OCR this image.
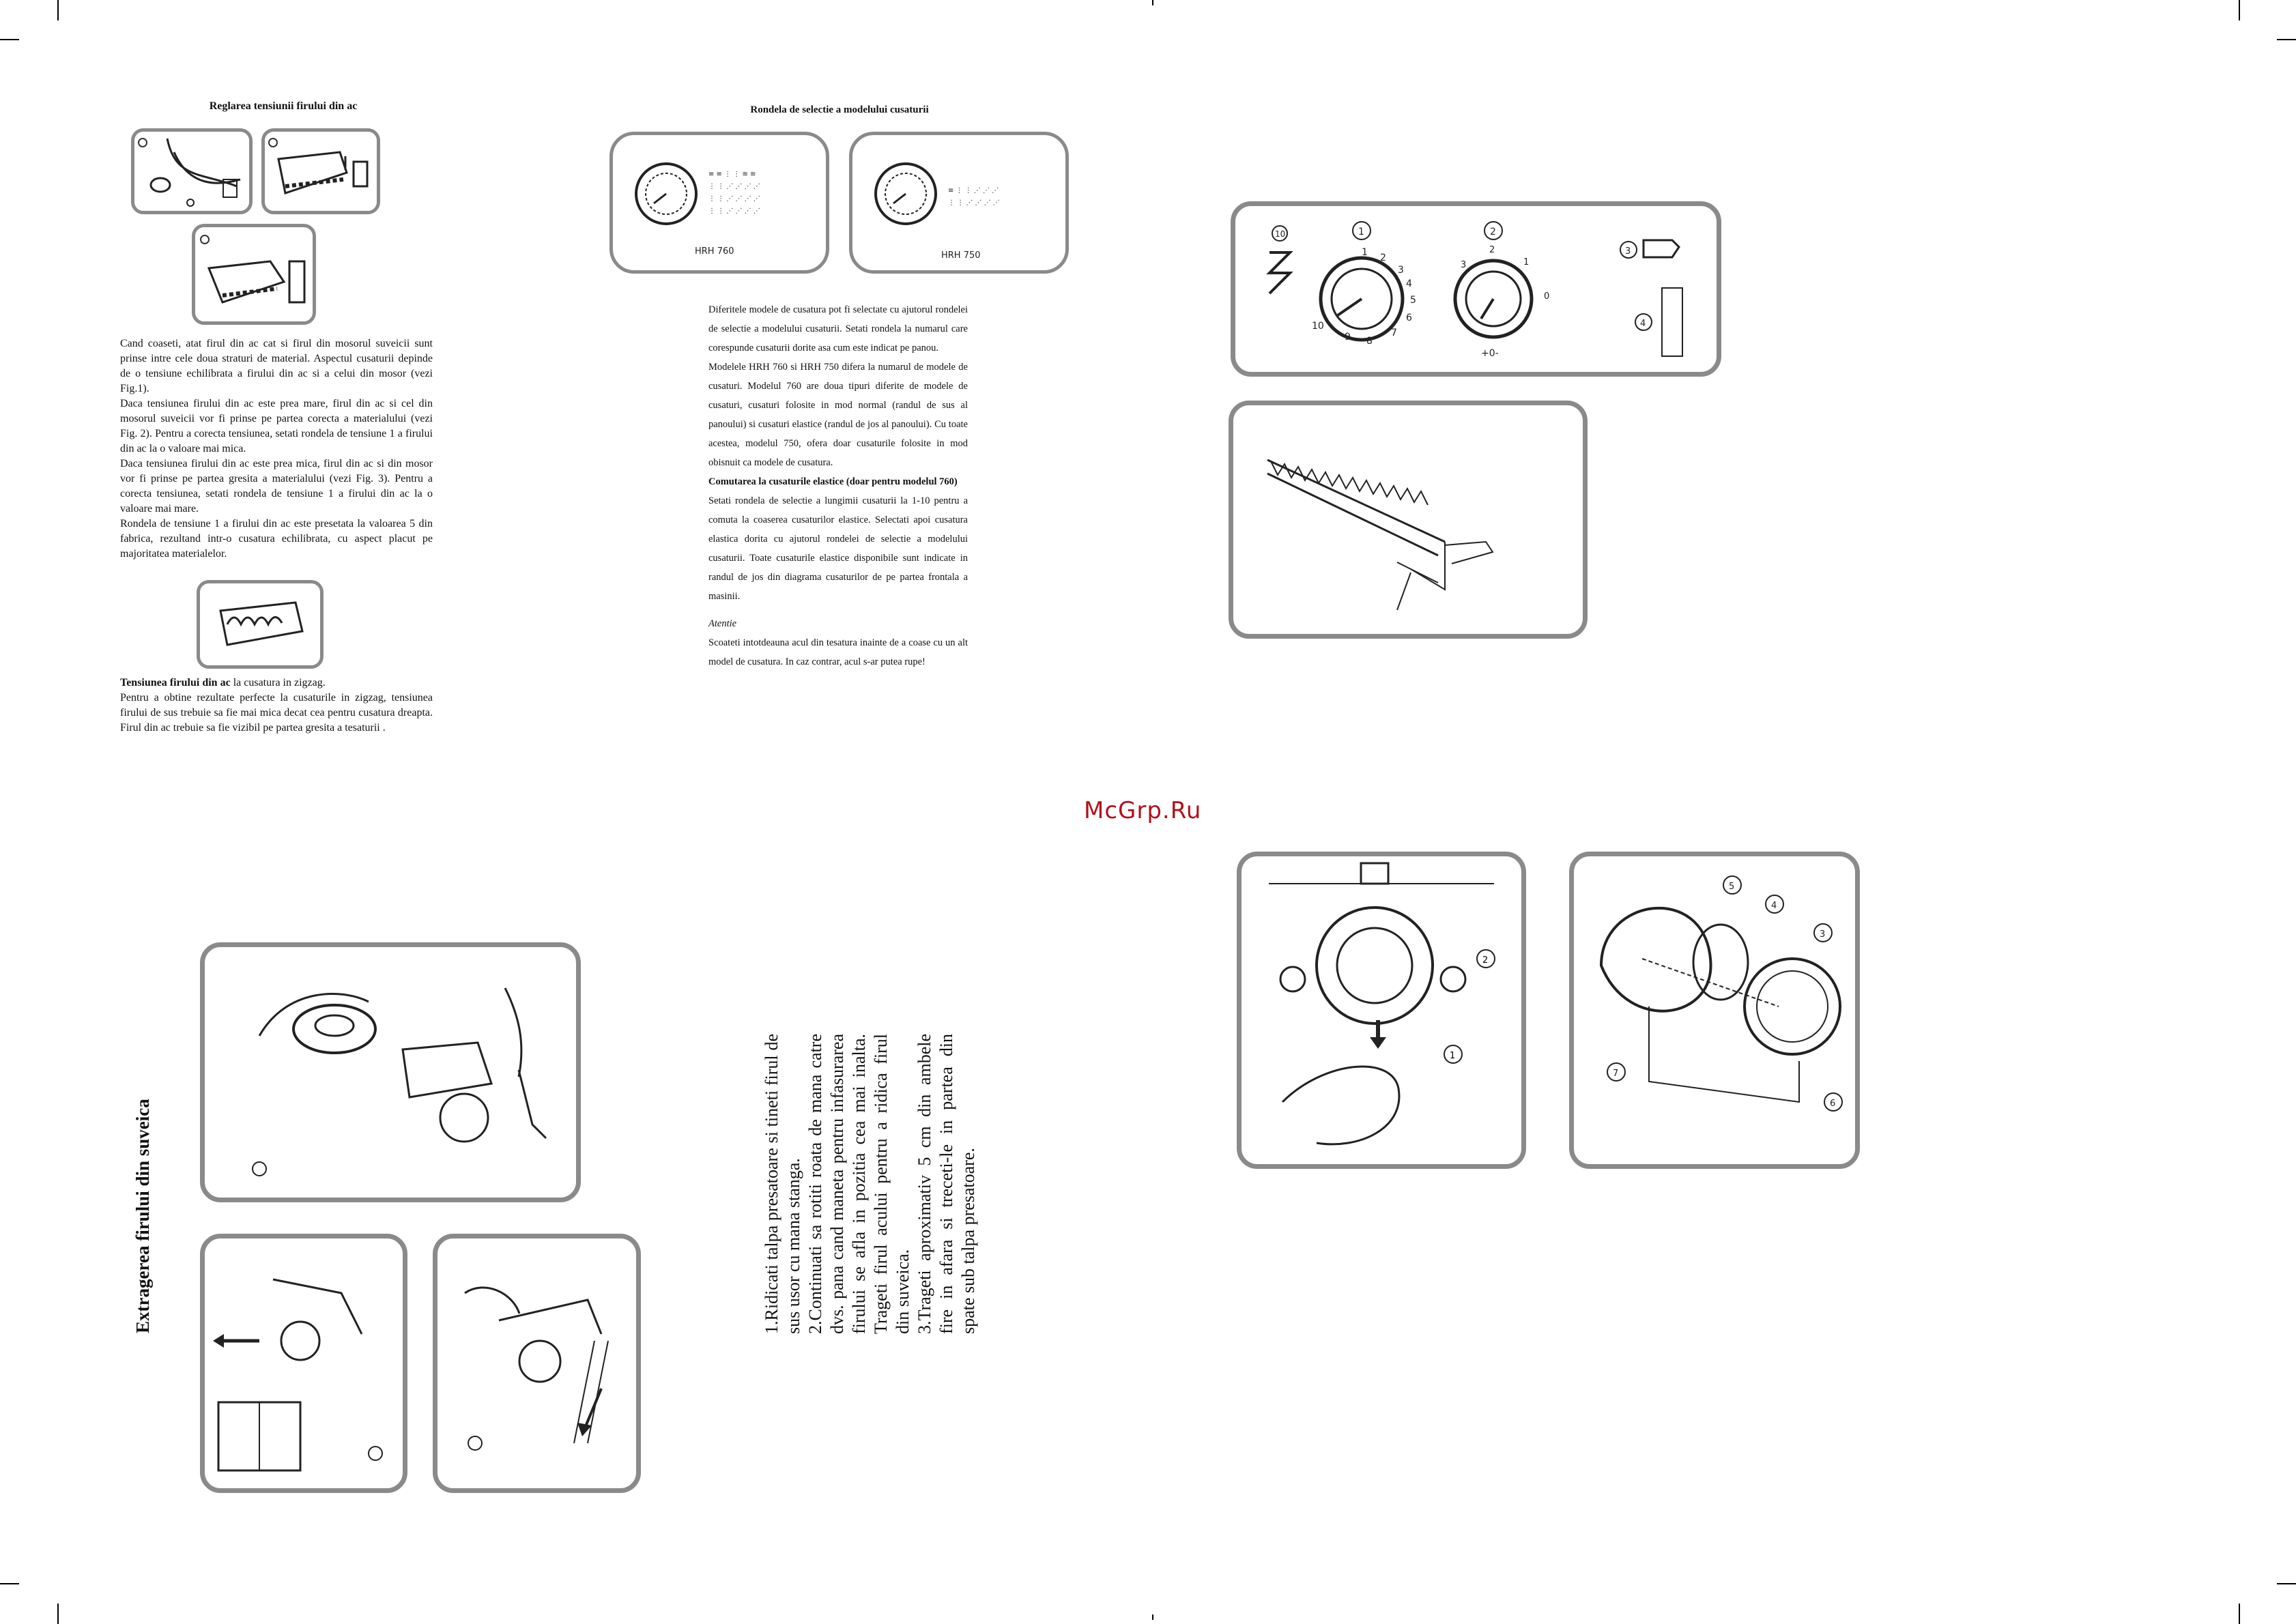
Reglarea tensiunii firului din ac

Cand coaseti, atat firul din ac cat si firul din mosorul suveicii sunt prinse intre cele doua straturi de material. Aspectul cusaturii depinde de o tensiune echilibrata a firului din ac si a celui din mosor (vezi Fig.1).

Daca tensiunea firului din ac este prea mare, firul din ac si cel din mosorul suveicii vor fi prinse pe partea corecta a materialului (vezi Fig. 2). Pentru a corecta tensiunea, setati rondela de tensiune 1 a firului din ac la o valoare mai mica.

Daca tensiunea firului din ac este prea mica, firul din ac si din mosor vor fi prinse pe partea gresita a materialului (vezi Fig. 3). Pentru a corecta tensiunea, setati rondela de tensiune 1 a firului din ac la o valoare mai mare.

Rondela de tensiune 1 a firului din ac este presetata la valoarea 5 din fabrica, rezultand intr-o cusatura echilibrata, cu aspect placut pe majoritatea materialelor.

Tensiunea firului din ac la cusatura in zigzag.

Pentru a obtine rezultate perfecte la cusaturile in zigzag, tensiunea firului de sus trebuie sa fie mai mica decat cea pentru cusatura dreapta. Firul din ac trebuie sa fie vizibil pe partea gresita a tesaturii .

Rondela de selectie a modelului cusaturii
≡ ≡ ⋮ ⋮ ≋ ≋
⋮ ⋮ ⋰ ⋰ ⋰ ⋰
⋮ ⋮ ⋰ ⋰ ⋰ ⋰
⋮ ⋮ ⋰ ⋰ ⋰ ⋰
HRH 760
≡ ⋮ ⋮ ⋰ ⋰ ⋰
⋮ ⋮ ⋰ ⋰ ⋰ ⋰
HRH 750

Diferitele modele de cusatura pot fi selectate cu ajutorul rondelei de selectie a modelului cusaturii. Setati rondela la numarul care corespunde cusaturii dorite asa cum este indicat pe panou.

Modelele HRH 760 si HRH 750 difera la numarul de modele de cusaturi. Modelul 760 are doua tipuri diferite de modele de cusaturi, cusaturi folosite in mod normal (randul de sus al panoului) si cusaturi elastice (randul de jos al panoului). Cu toate acestea, modelul 750, ofera doar cusaturile folosite in mod obisnuit ca modele de cusatura.

Comutarea la cusaturile elastice (doar pentru modelul 760)

Setati rondela de selectie a lungimii cusaturii la 1-10 pentru a comuta la coaserea cusaturilor elastice. Selectati apoi cusatura elastica dorita cu ajutorul rondelei de selectie a modelului cusaturii. Toate cusaturile elastice disponibile sunt indicate in randul de jos din diagrama cusaturilor de pe partea frontala a masinii.

Atentie

Scoateti intotdeauna acul din tesatura inainte de a coase cu un alt model de cusatura. In caz contrar, acul s-ar putea rupe!

10	1
1 2
3
4
5
6
7
8
9
10
2
3
2
1
0
+0-
3
4
McGrp.Ru
2
1
5
4
3
7
6
Extragerea firului din suveica	1.Ridicati talpa presatoare si tineti firul de sus usor cu mana stanga. 2.Continuati sa rotiti roata de mana catre dvs. pana cand maneta pentru infasurarea firului se afla in pozitia cea mai inalta. Trageti firul acului pentru a ridica firul din suveica. 3.Trageti aproximativ 5 cm din ambele fire in afara si treceti-le in partea din spate sub talpa presatoare.
